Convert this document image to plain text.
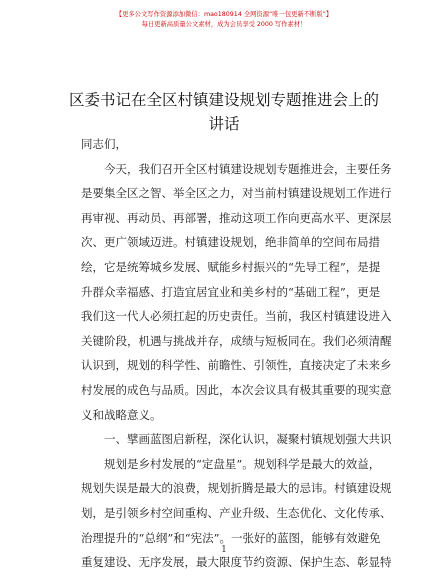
【更多公文写作资源添加微信：mao180914 全网资源“唯一包更新不断版”】
每日更新高质量公文素材，成为会员享受 2000 写作素材！
区委书记在全区村镇建设规划专题推进会上的
讲话

同志们，

今天，我们召开全区村镇建设规划专题推进会，主要任务

是要集全区之智、举全区之力，对当前村镇建设规划工作进行

再审视、再动员、再部署，推动这项工作向更高水平、更深层

次、更广领域迈进。村镇建设规划，绝非简单的空间布局措

绘，它是统筹城乡发展、赋能乡村振兴的“先导工程”，是提

升群众幸福感、打造宜居宜业和美乡村的“基础工程”，更是

我们这一代人必须扛起的历史责任。当前，我区村镇建设进入

关键阶段，机遇与挑战并存，成绩与短板同在。我们必须清醒

认识到，规划的科学性、前瞻性、引领性，直接决定了未来乡

村发展的成色与品质。因此，本次会议具有极其重要的现实意

义和战略意义。

一、擘画蓝图启新程，深化认识，凝聚村镇规划强大共识

规划是乡村发展的“定盘星”。规划科学是最大的效益，

规划失误是最大的浪费，规划折腾是最大的忌讳。村镇建设规

划，是引领乡村空间重构、产业升级、生态优化、文化传承、

治理提升的“总纲”和“宪法”。一张好的蓝图，能够有效避免

重复建设、无序发展，最大限度节约资源、保护生态、彰显特

1
